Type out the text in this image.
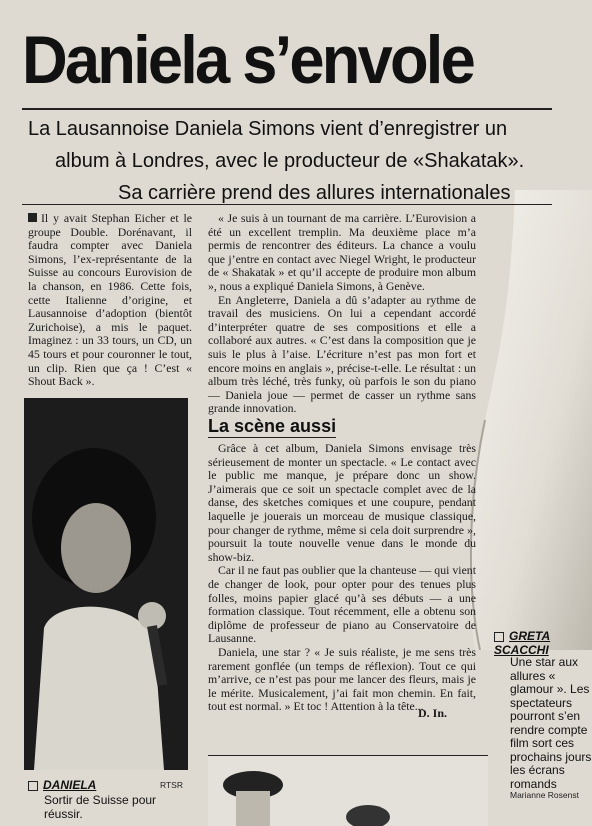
Daniela s’envole
La Lausannoise Daniela Simons vient d’enregistrer un
album à Londres, avec le producteur de «Shakatak».
Sa carrière prend des allures internationales

Il y avait Stephan Eicher et le groupe Double. Dorénavant, il faudra compter avec Daniela Simons, l’ex-représentante de la Suisse au concours Eurovision de la chanson, en 1986. Cette fois, cette Italienne d’origine, et Lausannoise d’adoption (bientôt Zurichoise), a mis le paquet. Imaginez : un 33 tours, un CD, un 45 tours et pour couronner le tout, un clip. Rien que ça ! C’est « Shout Back ».

DANIELA	RTSR
Sortir de Suisse pour réussir.

« Je suis à un tournant de ma carrière. L’Eurovision a été un excellent tremplin. Ma deuxième place m’a permis de rencontrer des éditeurs. La chance a voulu que j’entre en contact avec Niegel Wright, le producteur de « Shakatak » et qu’il accepte de produire mon album », nous a expliqué Daniela Simons, à Genève.

En Angleterre, Daniela a dû s’adapter au rythme de travail des musiciens. On lui a cependant accordé d’interpréter quatre de ses compositions et elle a collaboré aux autres. « C’est dans la composition que je suis le plus à l’aise. L’écriture n’est pas mon fort et encore moins en anglais », précise-t-elle. Le résultat : un album très léché, très funky, où parfois le son du piano — Daniela joue — permet de casser un rythme sans grande innovation.

La scène aussi

Grâce à cet album, Daniela Simons envisage très sérieusement de monter un spectacle. « Le contact avec le public me manque, je prépare donc un show. J’aimerais que ce soit un spectacle complet avec de la danse, des sketches comiques et une coupure, pendant laquelle je jouerais un morceau de musique classique, pour changer de rythme, même si cela doit surprendre », poursuit la toute nouvelle venue dans le monde du show-biz.

Car il ne faut pas oublier que la chanteuse — qui vient de changer de look, pour opter pour des tenues plus folles, moins papier glacé qu’à ses débuts — a une formation classique. Tout récemment, elle a obtenu son diplôme de professeur de piano au Conservatoire de Lausanne.

Daniela, une star ? « Je suis réaliste, je me sens très rarement gonflée (un temps de réflexion). Tout ce qui m’arrive, ce n’est pas pour me lancer des fleurs, mais je le mérite. Musicalement, j’ai fait mon chemin. En fait, tout est normal. » Et toc ! Attention à la tête...

D. In.
GRETA SCACCHI
Une star aux allures « glamour ». Les spectateurs pourront s’en rendre compte film sort ces prochains jours les écrans romands
Marianne Rosenst
